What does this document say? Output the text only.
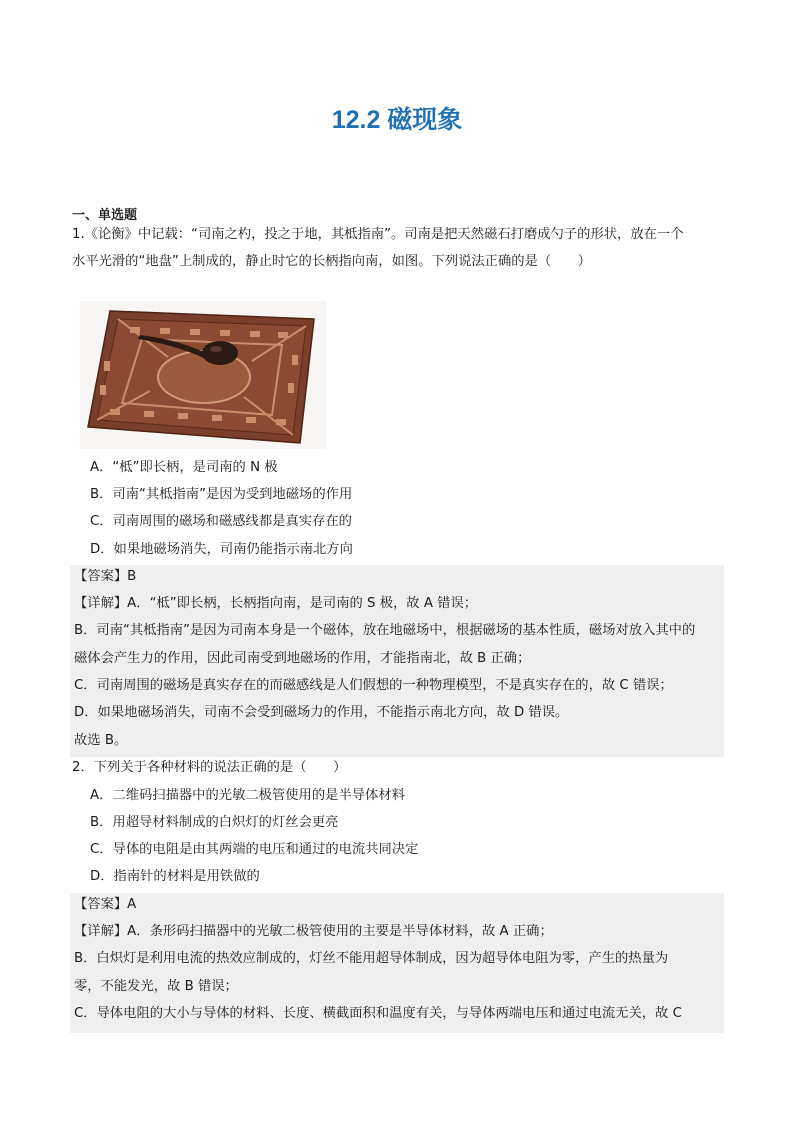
12.2 磁现象
一、单选题
1.《论衡》中记载：“司南之杓，投之于地，其柢指南”。司南是把天然磁石打磨成勺子的形状，放在一个
水平光滑的“地盘”上制成的，静止时它的长柄指向南，如图。下列说法正确的是（　　）
A．“柢”即长柄，是司南的 N 极
B．司南“其柢指南”是因为受到地磁场的作用
C．司南周围的磁场和磁感线都是真实存在的
D．如果地磁场消失，司南仍能指示南北方向
【答案】B
【详解】A．“柢”即长柄，长柄指向南，是司南的 S 极，故 A 错误；
B．司南“其柢指南”是因为司南本身是一个磁体，放在地磁场中，根据磁场的基本性质，磁场对放入其中的
磁体会产生力的作用，因此司南受到地磁场的作用，才能指南北，故 B 正确；
C．司南周围的磁场是真实存在的而磁感线是人们假想的一种物理模型，不是真实存在的，故 C 错误；
D．如果地磁场消失，司南不会受到磁场力的作用，不能指示南北方向，故 D 错误。
故选 B。
2．下列关于各种材料的说法正确的是（　　）
A．二维码扫描器中的光敏二极管使用的是半导体材料
B．用超导材料制成的白炽灯的灯丝会更亮
C．导体的电阻是由其两端的电压和通过的电流共同决定
D．指南针的材料是用铁做的
【答案】A
【详解】A．条形码扫描器中的光敏二极管使用的主要是半导体材料，故 A 正确；
B．白炽灯是利用电流的热效应制成的，灯丝不能用超导体制成，因为超导体电阻为零，产生的热量为
零，不能发光，故 B 错误；
C．导体电阻的大小与导体的材料、长度、横截面积和温度有关，与导体两端电压和通过电流无关，故 C
